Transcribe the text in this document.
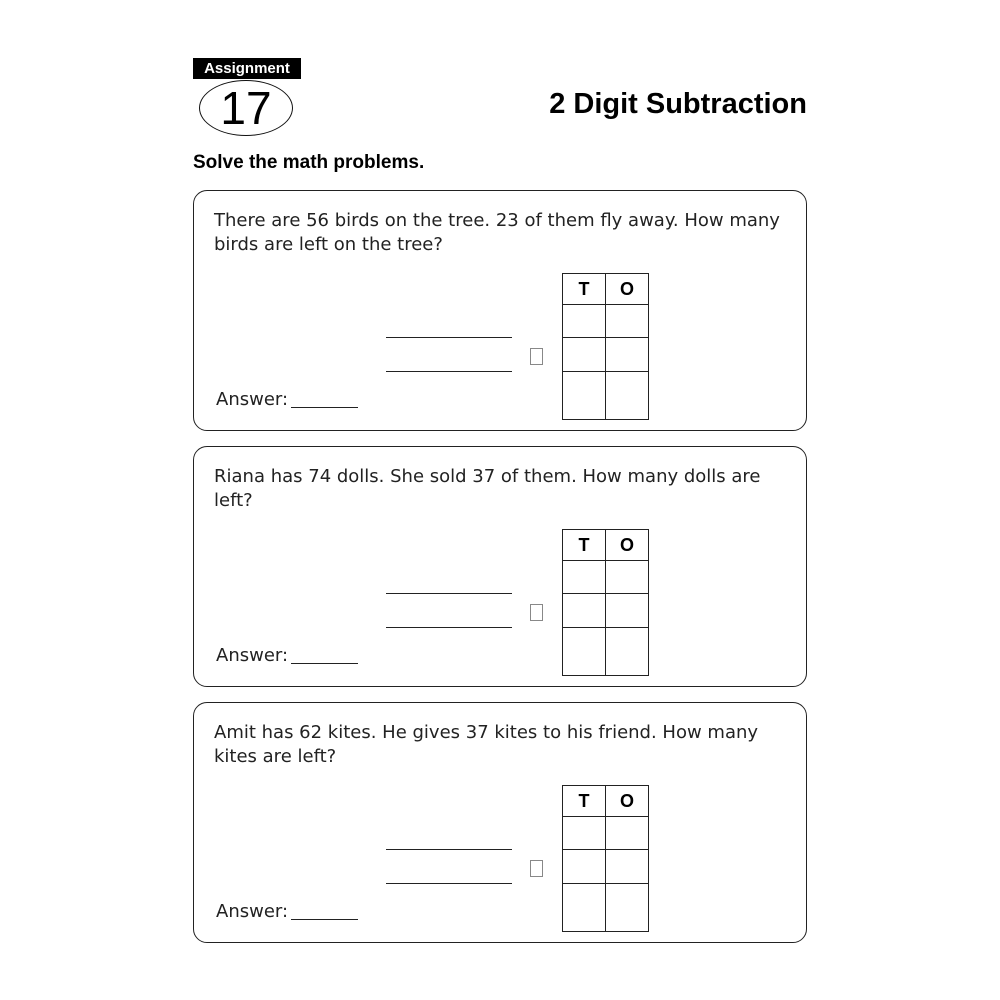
Assignment
17	2 Digit Subtraction
Solve the math problems.
There are 56 birds on the tree. 23 of them fly away. How many birds are left on the tree?
Answer:
T	O
Riana has 74 dolls. She sold 37 of them. How many dolls are left?
Answer:
T	O
Amit has 62 kites. He gives 37 kites to his friend. How many kites are left?
Answer:
T	O
